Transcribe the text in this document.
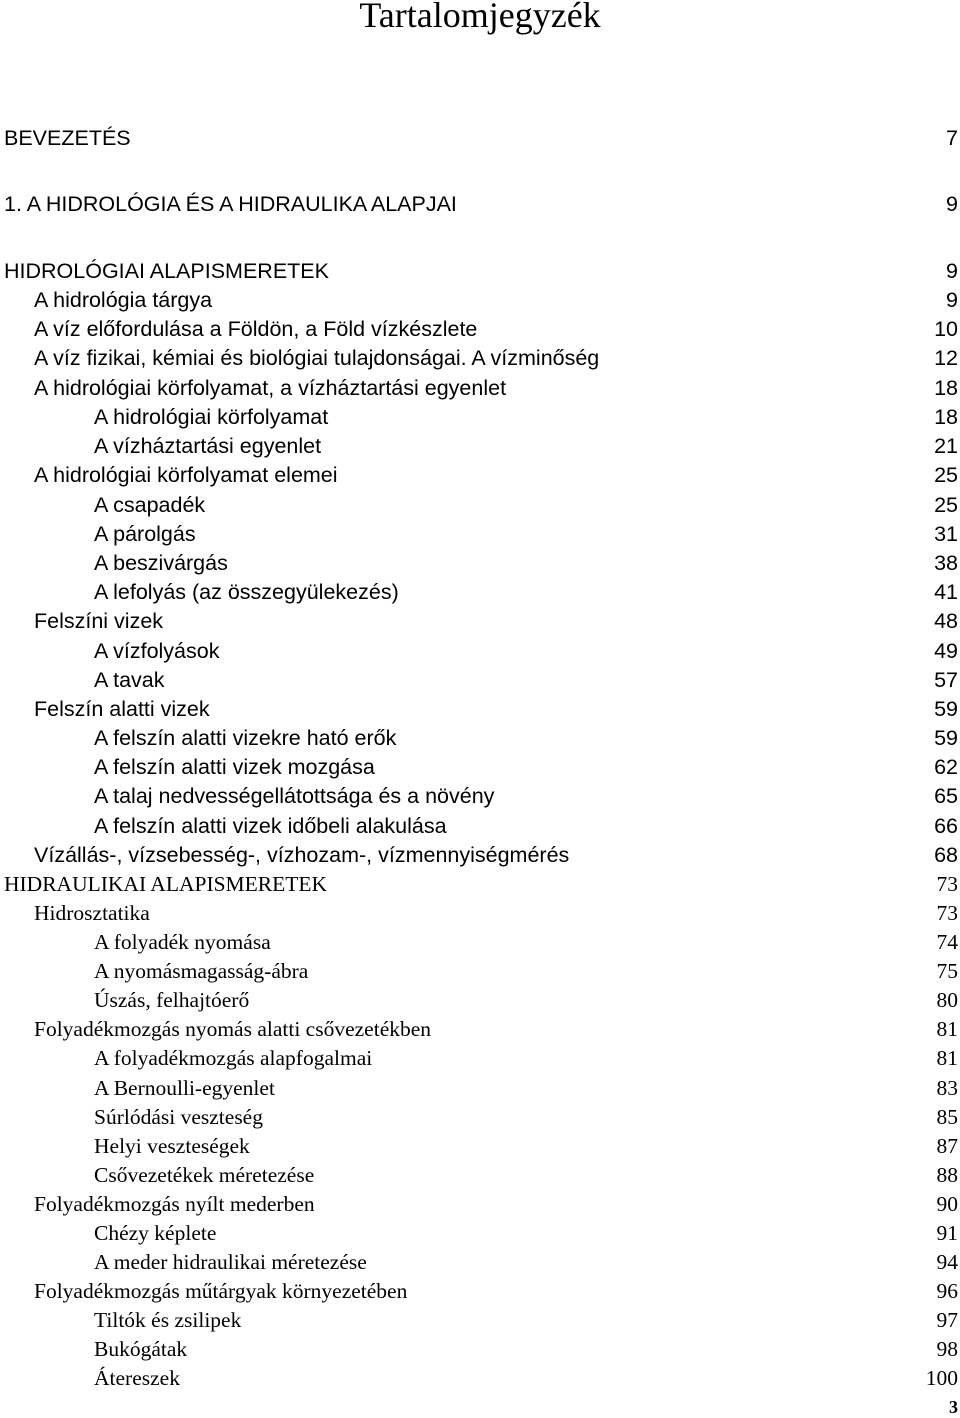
Tartalomjegyzék
BEVEZETÉS	7
1. A HIDROLÓGIA ÉS A HIDRAULIKA ALAPJAI	9
HIDROLÓGIAI ALAPISMERETEK	9
A hidrológia tárgya	9
A víz előfordulása a Földön, a Föld vízkészlete	10
A víz fizikai, kémiai és biológiai tulajdonságai. A vízminőség	12
A hidrológiai körfolyamat, a vízháztartási egyenlet	18
A hidrológiai körfolyamat	18
A vízháztartási egyenlet	21
A hidrológiai körfolyamat elemei	25
A csapadék	25
A párolgás	31
A beszivárgás	38
A lefolyás (az összegyülekezés)	41
Felszíni vizek	48
A vízfolyások	49
A tavak	57
Felszín alatti vizek	59
A felszín alatti vizekre ható erők	59
A felszín alatti vizek mozgása	62
A talaj nedvességellátottsága és a növény	65
A felszín alatti vizek időbeli alakulása	66
Vízállás-, vízsebesség-, vízhozam-, vízmennyiségmérés	68
HIDRAULIKAI ALAPISMERETEK	73
Hidrosztatika	73
A folyadék nyomása	74
A nyomásmagasság-ábra	75
Úszás, felhajtóerő	80
Folyadékmozgás nyomás alatti csővezetékben	81
A folyadékmozgás alapfogalmai	81
A Bernoulli-egyenlet	83
Súrlódási veszteség	85
Helyi veszteségek	87
Csővezetékek méretezése	88
Folyadékmozgás nyílt mederben	90
Chézy képlete	91
A meder hidraulikai méretezése	94
Folyadékmozgás műtárgyak környezetében	96
Tiltók és zsilipek	97
Bukógátak	98
Átereszek	100
3
